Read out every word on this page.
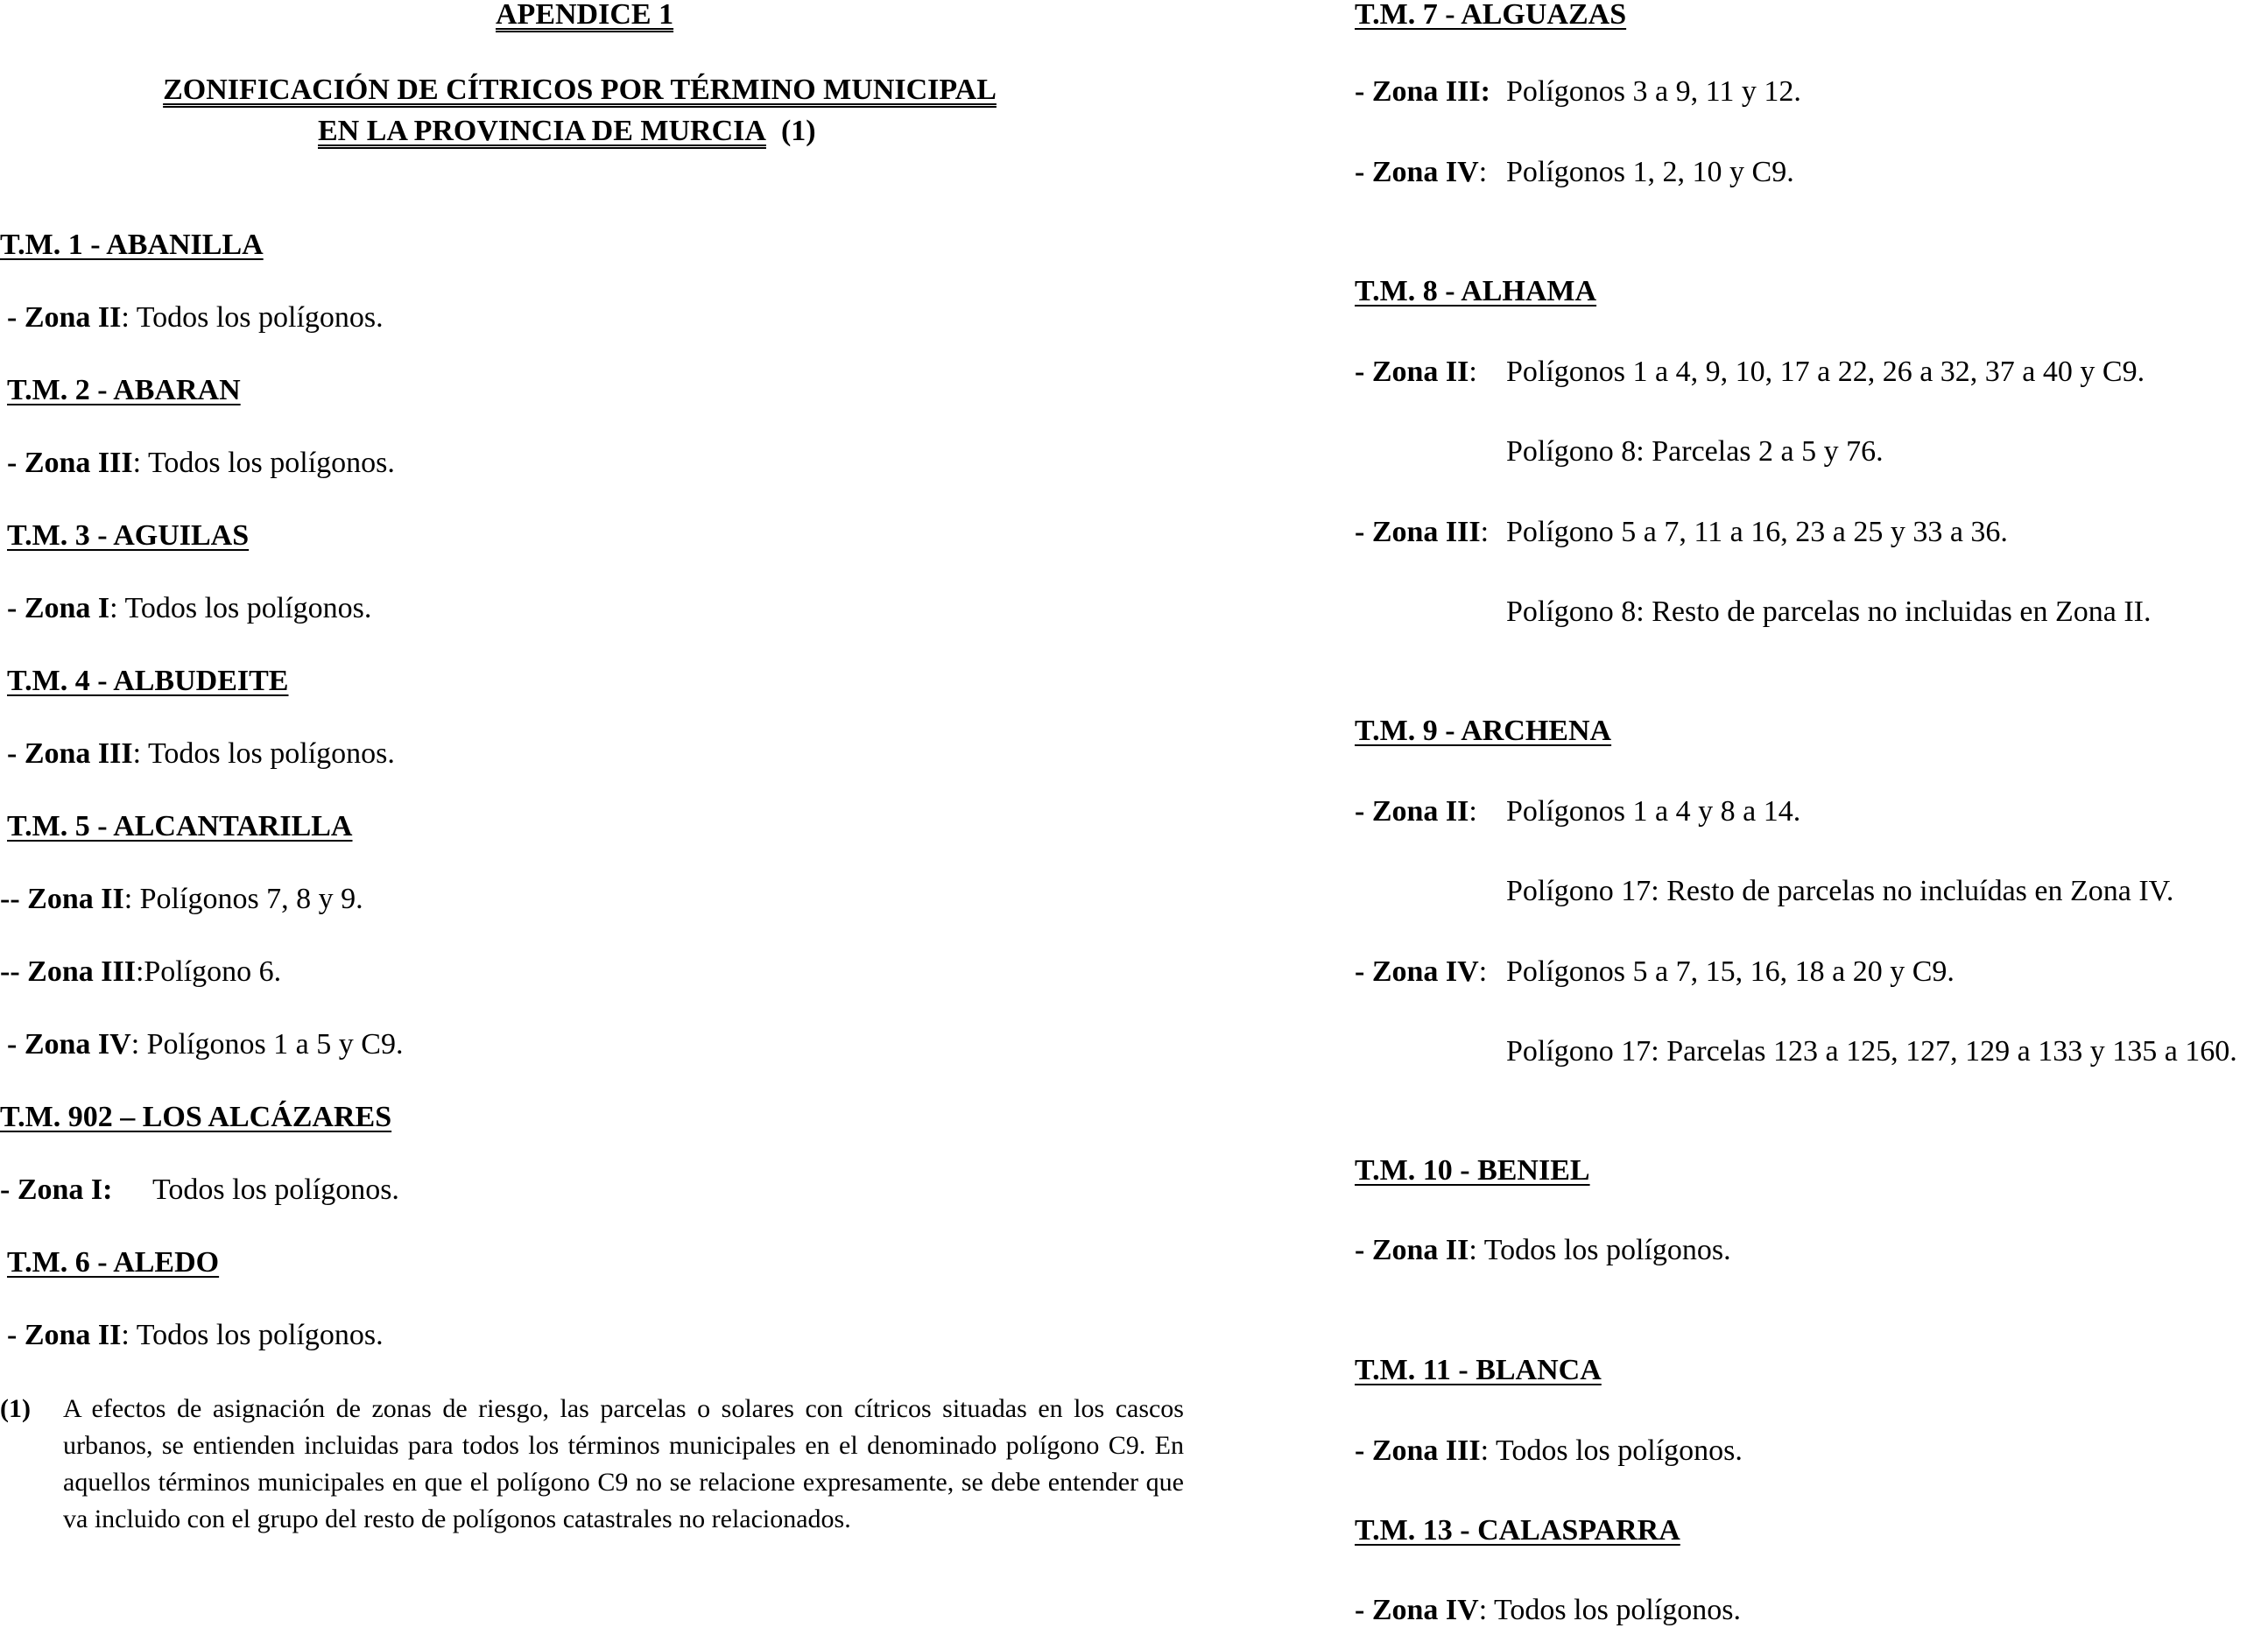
APENDICE 1
ZONIFICACIÓN DE CÍTRICOS POR TÉRMINO MUNICIPAL
EN LA PROVINCIA DE MURCIA (1)
T.M. 1 - ABANILLA
- Zona II: Todos los polígonos.
T.M. 2 - ABARAN
- Zona III: Todos los polígonos.
T.M. 3 - AGUILAS
- Zona I: Todos los polígonos.
T.M. 4 - ALBUDEITE
- Zona III: Todos los polígonos.
T.M. 5 - ALCANTARILLA
-- Zona II: Polígonos 7, 8 y 9.
-- Zona III:Polígono 6.
- Zona IV: Polígonos 1 a 5 y C9.
T.M. 902 – LOS ALCÁZARES
- Zona I: Todos los polígonos.
T.M. 6 - ALEDO
- Zona II: Todos los polígonos.
(1) A efectos de asignación de zonas de riesgo, las parcelas o solares con cítricos situadas en los cascos urbanos, se entienden incluidas para todos los términos municipales en el denominado polígono C9. En aquellos términos municipales en que el polígono C9 no se relacione expresamente, se debe entender que va incluido con el grupo del resto de polígonos catastrales no relacionados.
T.M. 7 - ALGUAZAS
- Zona III: Polígonos 3 a 9, 11 y 12.
- Zona IV: Polígonos 1, 2, 10 y C9.
T.M. 8 - ALHAMA
- Zona II: Polígonos 1 a 4, 9, 10, 17 a 22, 26 a 32, 37 a 40 y C9.
Polígono 8: Parcelas 2 a 5 y 76.
- Zona III: Polígono 5 a 7, 11 a 16, 23 a 25 y 33 a 36.
Polígono 8: Resto de parcelas no incluidas en Zona II.
T.M. 9 - ARCHENA
- Zona II: Polígonos 1 a 4 y 8 a 14.
Polígono 17: Resto de parcelas no incluídas en Zona IV.
- Zona IV: Polígonos 5 a 7, 15, 16, 18 a 20 y C9.
Polígono 17: Parcelas 123 a 125, 127, 129 a 133 y 135 a 160.
T.M. 10 - BENIEL
- Zona II: Todos los polígonos.
T.M. 11 - BLANCA
- Zona III: Todos los polígonos.
T.M. 13 - CALASPARRA
- Zona IV: Todos los polígonos.
